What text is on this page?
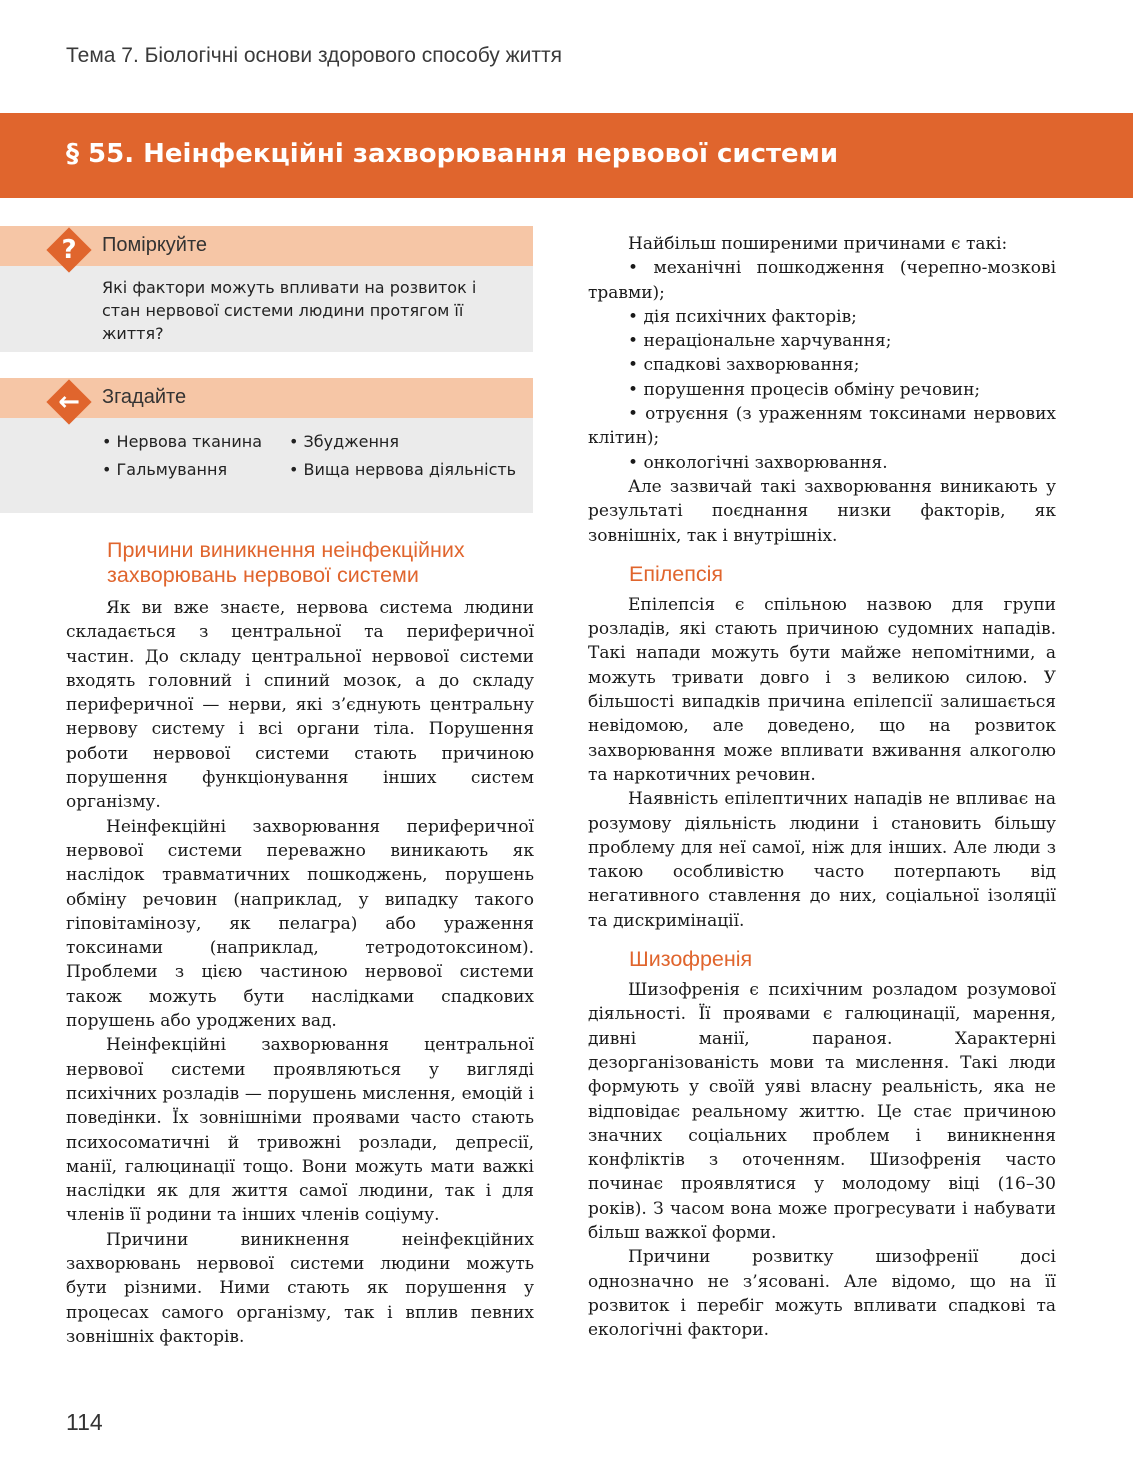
Тема 7. Біологічні основи здорового способу життя
§ 55. Неінфекційні захворювання нервової системи
?	Поміркуйте
Які фактори можуть впливати на розвиток і стан нервової системи людини протягом її життя?
←	Згадайте
• Нервова тканина
• Гальмування
• Збудження
• Вища нервова діяльність
Причини виникнення неінфекційних захворювань нервової системи

Як ви вже знаєте, нервова система людини складається з центральної та периферичної частин. До складу центральної нервової системи входять головний і спиний мозок, а до складу периферичної — нерви, які з’єднують центральну нервову систему і всі органи тіла. Порушення роботи нервової системи стають причиною порушення функціонування інших систем організму.

Неінфекційні захворювання периферичної нервової системи переважно виникають як наслідок травматичних пошкоджень, порушень обміну речовин (наприклад, у випадку такого гіповітамінозу, як пелагра) або ураження токсинами (наприклад, тетродотоксином). Проблеми з цією частиною нервової системи також можуть бути наслідками спадкових порушень або уроджених вад.

Неінфекційні захворювання центральної нервової системи проявляються у вигляді психічних розладів — порушень мислення, емоцій і поведінки. Їх зовнішніми проявами часто стають психосоматичні й тривожні розлади, депресії, манії, галюцинації тощо. Вони можуть мати важкі наслідки як для життя самої людини, так і для членів її родини та інших членів соціуму.

Причини виникнення неінфекційних захворювань нервової системи людини можуть бути різними. Ними стають як порушення у процесах самого організму, так і вплив певних зовнішніх факторів.

Найбільш поширеними причинами є такі:

• механічні пошкодження (черепно-мозкові травми);
• дія психічних факторів;
• нераціональне харчування;
• спадкові захворювання;
• порушення процесів обміну речовин;
• отруєння (з ураженням токсинами нервових клітин);
• онкологічні захворювання.

Але зазвичай такі захворювання виникають у результаті поєднання низки факторів, як зовнішніх, так і внутрішніх.

Епілепсія

Епілепсія є спільною назвою для групи розладів, які стають причиною судомних нападів. Такі напади можуть бути майже непомітними, а можуть тривати довго і з великою силою. У більшості випадків причина епілепсії залишається невідомою, але доведено, що на розвиток захворювання може впливати вживання алкоголю та наркотичних речовин.

Наявність епілептичних нападів не впливає на розумову діяльність людини і становить більшу проблему для неї самої, ніж для інших. Але люди з такою особливістю часто потерпають від негативного ставлення до них, соціальної ізоляції та дискримінації.

Шизофренія

Шизофренія є психічним розладом розумової діяльності. Її проявами є галюцинації, марення, дивні манії, параноя. Характерні дезорганізованість мови та мислення. Такі люди формують у своїй уяві власну реальність, яка не відповідає реальному життю. Це стає причиною значних соціальних проблем і виникнення конфліктів з оточенням. Шизофренія часто починає проявлятися у молодому віці (16–30 років). З часом вона може прогресувати і набувати більш важкої форми.

Причини розвитку шизофренії досі однозначно не з’ясовані. Але відомо, що на її розвиток і перебіг можуть впливати спадкові та екологічні фактори.

114
